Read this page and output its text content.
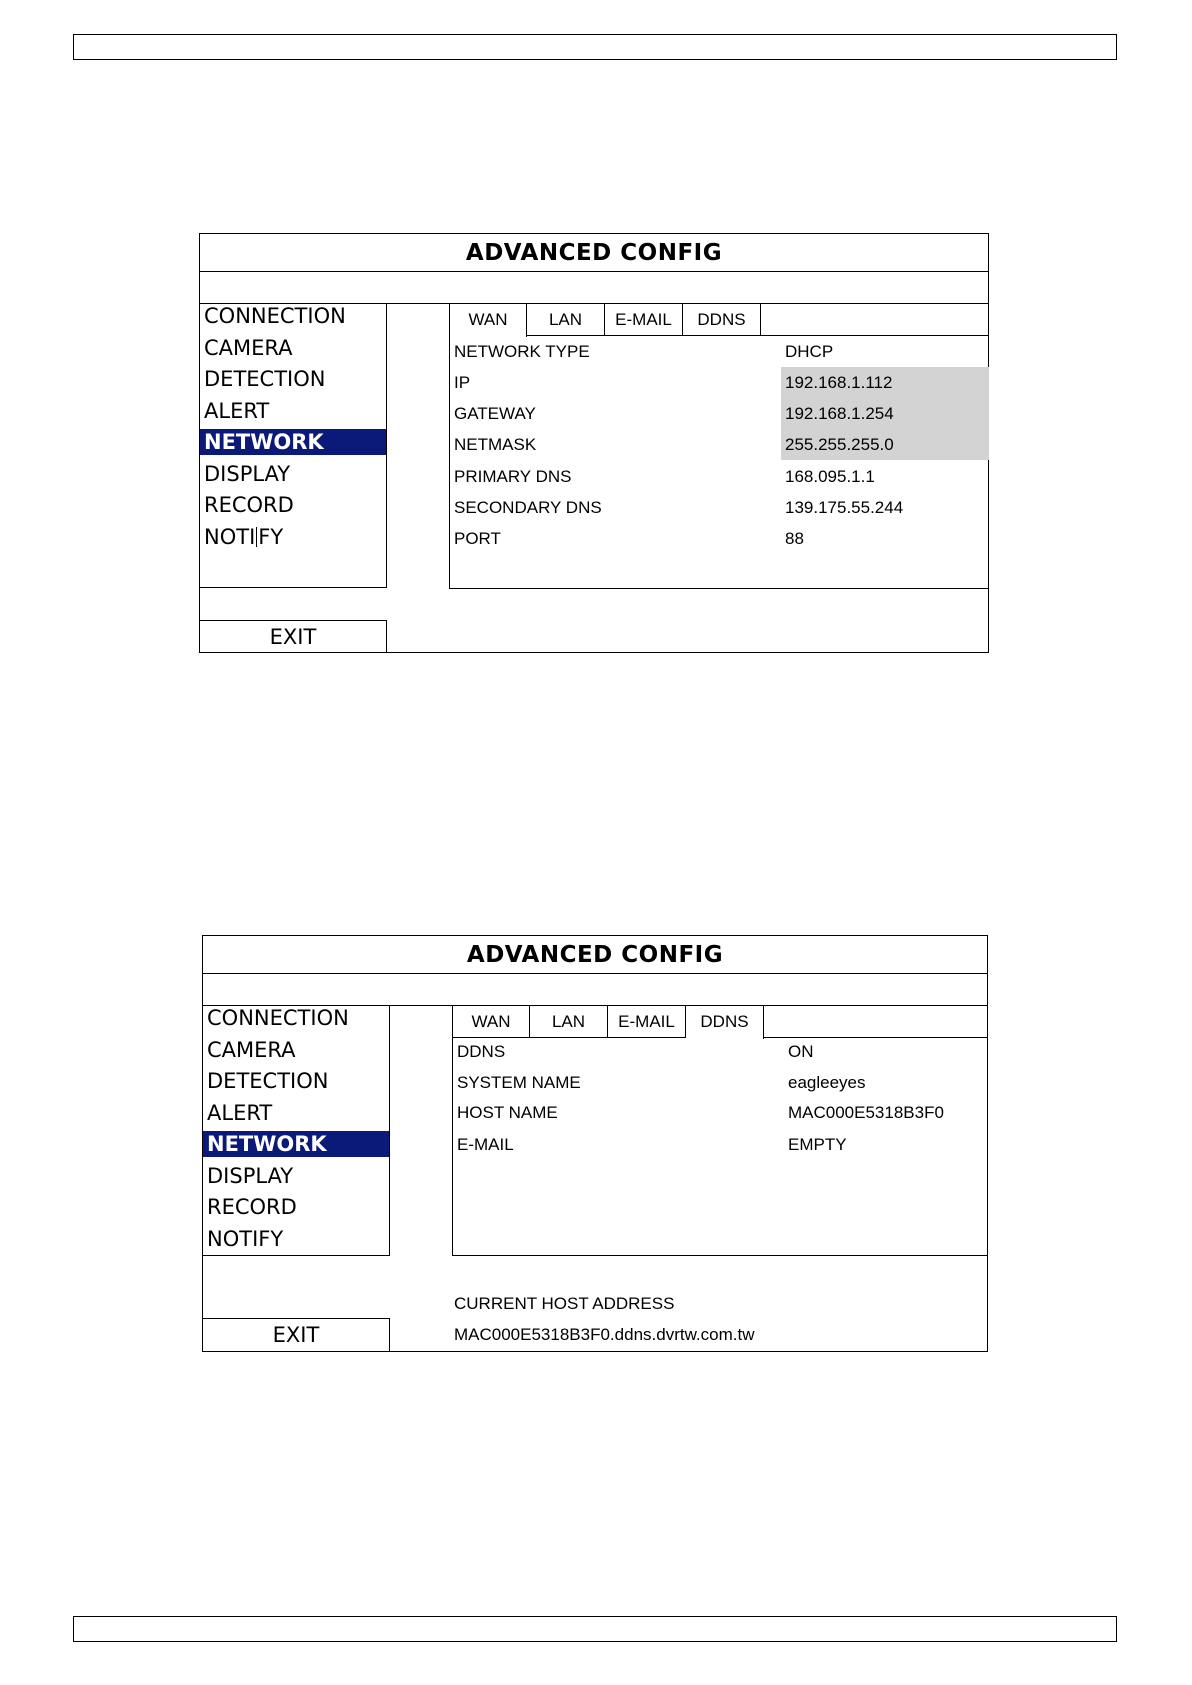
ADVANCED CONFIG
CONNECTION
CAMERA
DETECTION
ALERT
NETWORK
DISPLAY
RECORD
NOTI FY
EXIT
WAN	LAN	E-MAIL	DDNS
NETWORK TYPE	DHCP
IP	192.168.1.112
GATEWAY	192.168.1.254
NETMASK	255.255.255.0
PRIMARY DNS	168.095.1.1
SECONDARY DNS	139.175.55.244
PORT	88
ADVANCED CONFIG
CONNECTION
CAMERA
DETECTION
ALERT
NETWORK
DISPLAY
RECORD
NOTIFY
EXIT
WAN	LAN	E-MAIL	DDNS
DDNS	ON
SYSTEM NAME	eagleeyes
HOST NAME	MAC000E5318B3F0
E-MAIL	EMPTY
CURRENT HOST ADDRESS
MAC000E5318B3F0.ddns.dvrtw.com.tw
